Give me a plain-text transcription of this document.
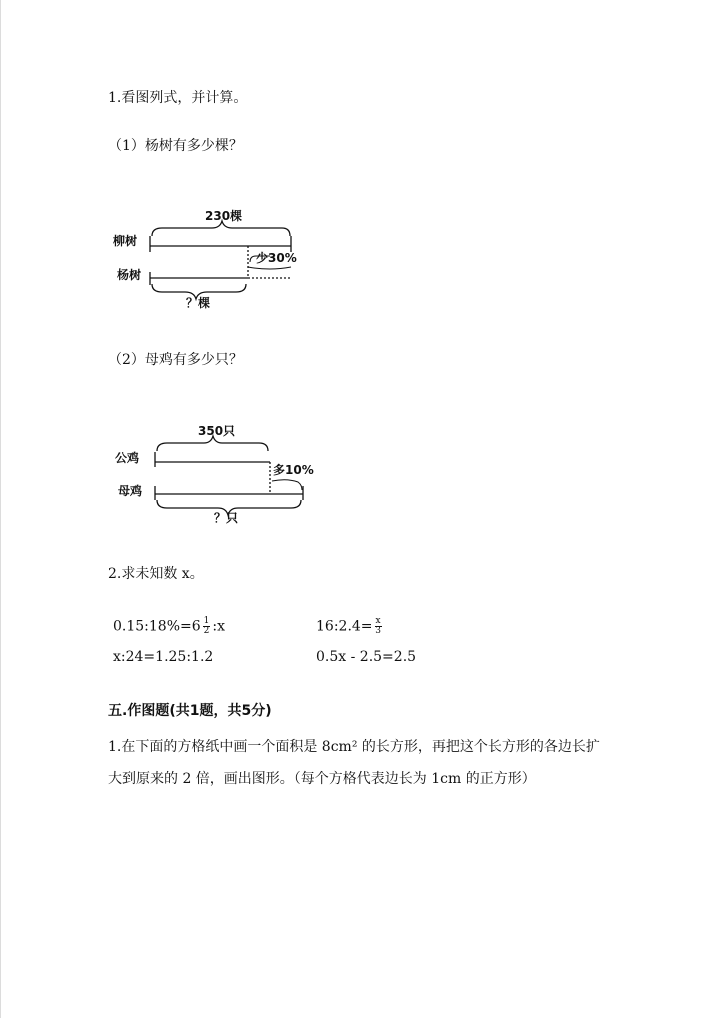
1.看图列式，并计算。
（1）杨树有多少棵？
230棵
柳树
少30%
杨树
？棵
350只
公鸡
多10%
母鸡
？只
（2）母鸡有多少只？
2.求未知数 x。
0.15:18%=6 $\frac{1}{2}$ :x	16:2.4= $\frac{x}{3}$
x:24=1.25:1.2	0.5x - 2.5=2.5
五.作图题(共1题，共5分)
1.在下面的方格纸中画一个面积是 8cm² 的长方形，再把这个长方形的各边长扩
大到原来的 2 倍，画出图形。（每个方格代表边长为 1cm 的正方形）
